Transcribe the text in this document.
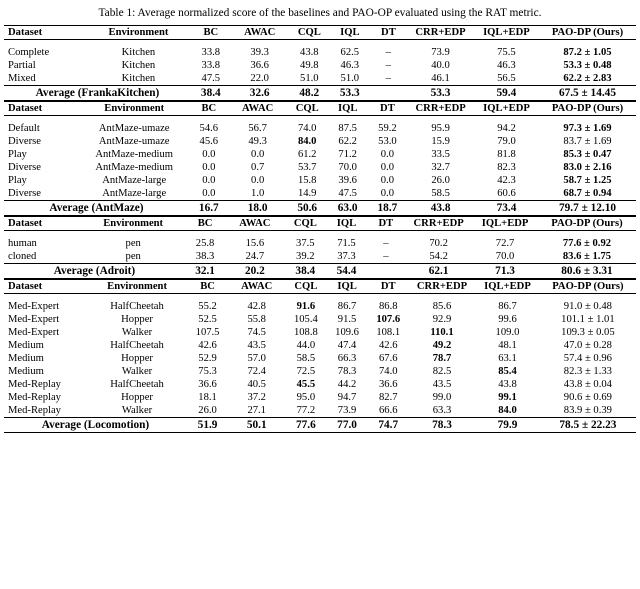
Table 1: Average normalized score of the baselines and PAO-OP evaluated using the RAT metric.
Dataset	Environment	BC	AWAC	CQL	IQL	DT	CRR+EDP	IQL+EDP	PAO-DP (Ours)

Complete	Kitchen	33.8	39.3	43.8	62.5	–	73.9	75.5	87.2 ± 1.05
Partial	Kitchen	33.8	36.6	49.8	46.3	–	40.0	46.3	53.3 ± 0.48
Mixed	Kitchen	47.5	22.0	51.0	51.0	–	46.1	56.5	62.2 ± 2.83
Average (FrankaKitchen)		38.4	32.6	48.2	53.3		53.3	59.4	67.5 ± 14.45

Dataset	Environment	BC	AWAC	CQL	IQL	DT	CRR+EDP	IQL+EDP	PAO-DP (Ours)

Default	AntMaze-umaze	54.6	56.7	74.0	87.5	59.2	95.9	94.2	97.3 ± 1.69
Diverse	AntMaze-umaze	45.6	49.3	84.0	62.2	53.0	15.9	79.0	83.7 ± 1.69
Play	AntMaze-medium	0.0	0.0	61.2	71.2	0.0	33.5	81.8	85.3 ± 0.47
Diverse	AntMaze-medium	0.0	0.7	53.7	70.0	0.0	32.7	82.3	83.0 ± 2.16
Play	AntMaze-large	0.0	0.0	15.8	39.6	0.0	26.0	42.3	58.7 ± 1.25
Diverse	AntMaze-large	0.0	1.0	14.9	47.5	0.0	58.5	60.6	68.7 ± 0.94
Average (AntMaze)		16.7	18.0	50.6	63.0	18.7	43.8	73.4	79.7 ± 12.10

Dataset	Environment	BC	AWAC	CQL	IQL	DT	CRR+EDP	IQL+EDP	PAO-DP (Ours)

human	pen	25.8	15.6	37.5	71.5	–	70.2	72.7	77.6 ± 0.92
cloned	pen	38.3	24.7	39.2	37.3	–	54.2	70.0	83.6 ± 1.75
Average (Adroit)		32.1	20.2	38.4	54.4		62.1	71.3	80.6 ± 3.31

Dataset	Environment	BC	AWAC	CQL	IQL	DT	CRR+EDP	IQL+EDP	PAO-DP (Ours)

Med-Expert	HalfCheetah	55.2	42.8	91.6	86.7	86.8	85.6	86.7	91.0 ± 0.48
Med-Expert	Hopper	52.5	55.8	105.4	91.5	107.6	92.9	99.6	101.1 ± 1.01
Med-Expert	Walker	107.5	74.5	108.8	109.6	108.1	110.1	109.0	109.3 ± 0.05
Medium	HalfCheetah	42.6	43.5	44.0	47.4	42.6	49.2	48.1	47.0 ± 0.28
Medium	Hopper	52.9	57.0	58.5	66.3	67.6	78.7	63.1	57.4 ± 0.96
Medium	Walker	75.3	72.4	72.5	78.3	74.0	82.5	85.4	82.3 ± 1.33
Med-Replay	HalfCheetah	36.6	40.5	45.5	44.2	36.6	43.5	43.8	43.8 ± 0.04
Med-Replay	Hopper	18.1	37.2	95.0	94.7	82.7	99.0	99.1	90.6 ± 0.69
Med-Replay	Walker	26.0	27.1	77.2	73.9	66.6	63.3	84.0	83.9 ± 0.39
Average (Locomotion)		51.9	50.1	77.6	77.0	74.7	78.3	79.9	78.5 ± 22.23
